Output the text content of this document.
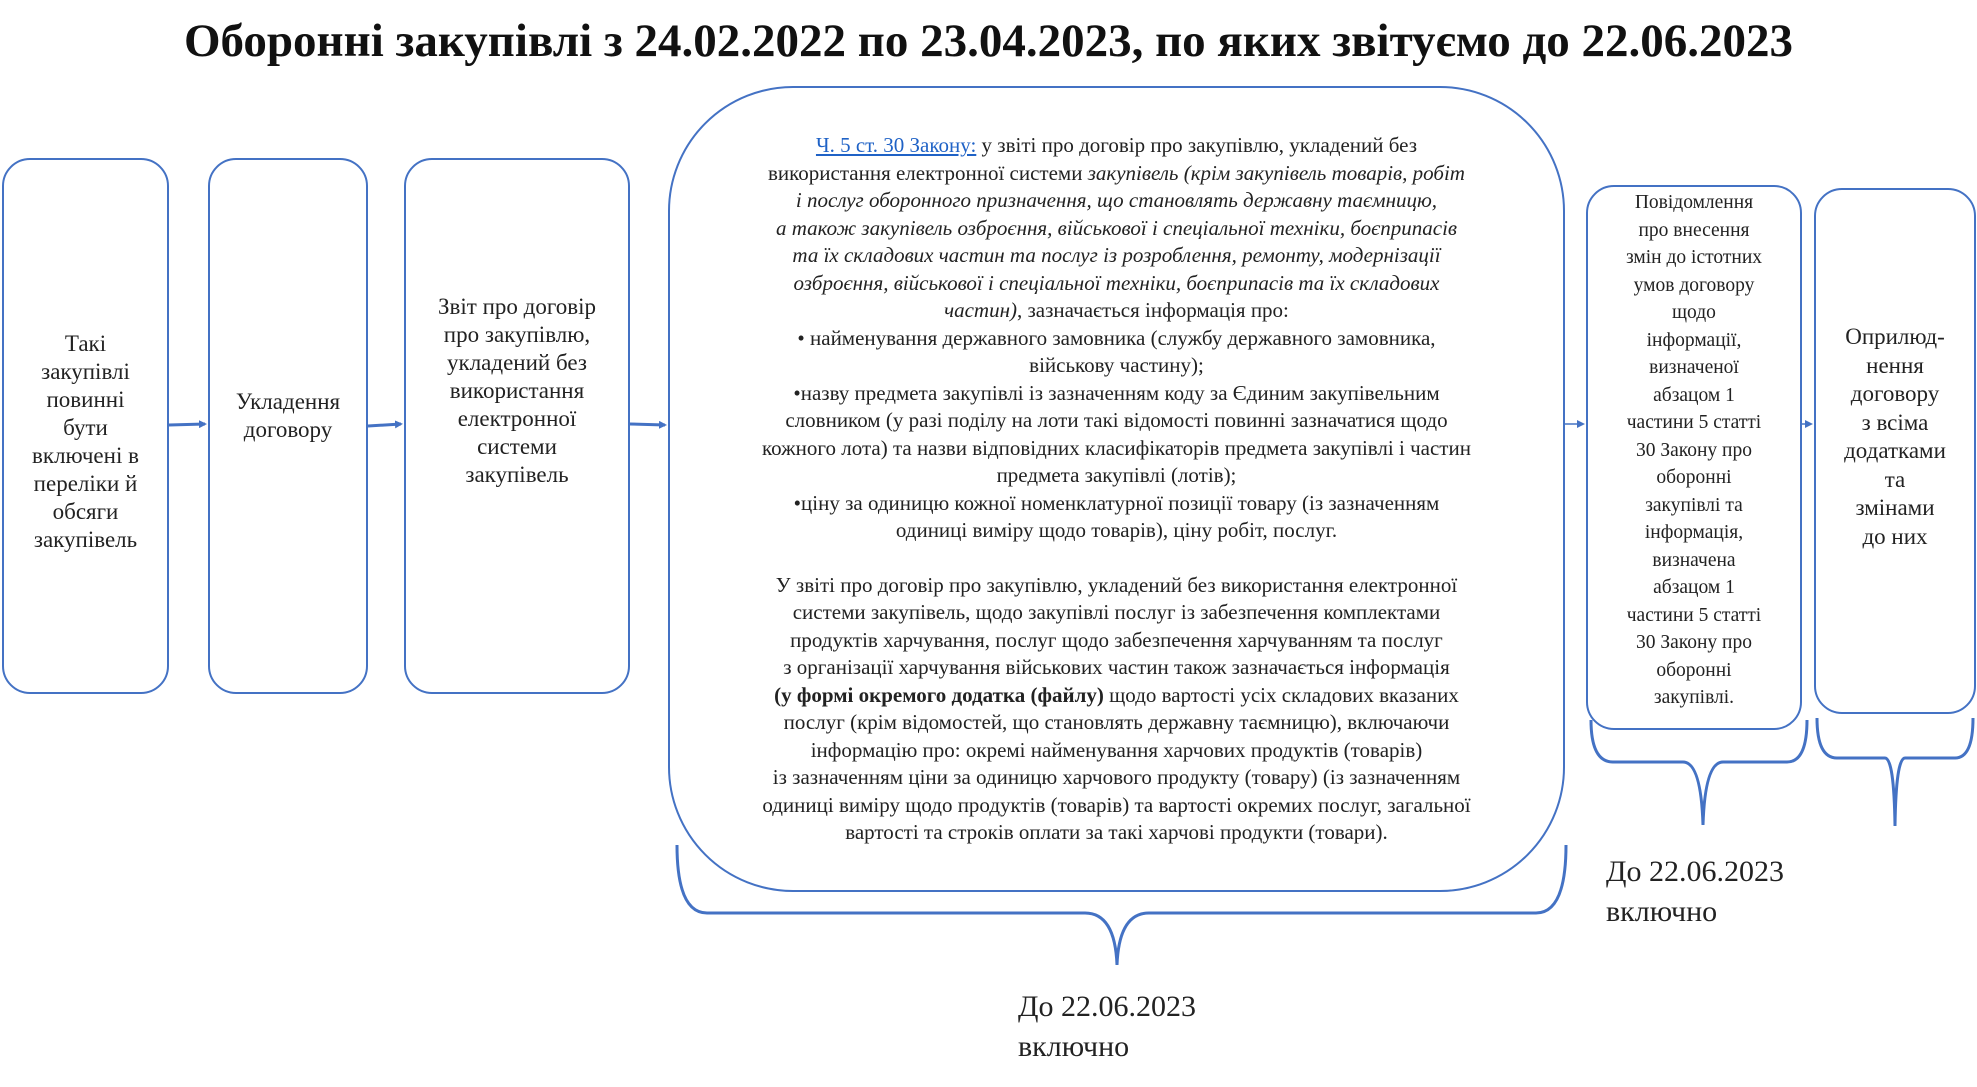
Оборонні закупівлі з 24.02.2022 по 23.04.2023, по яких звітуємо до 22.06.2023
Такі
закупівлі
повинні
бути
включені в
переліки й
обсяги
закупівель
Укладення
договору
Звіт про договір
про закупівлю,
укладений без
використання
електронної
системи
закупівель
Ч. 5 ст. 30 Закону: у звіті про договір про закупівлю, укладений без
використання електронної системи закупівель (крім закупівель товарів, робіт
і послуг оборонного призначення, що становлять державну таємницю,
а також закупівель озброєння, військової і спеціальної техніки, боєприпасів
та їх складових частин та послуг із розроблення, ремонту, модернізації
озброєння, військової і спеціальної техніки, боєприпасів та їх складових
частин), зазначається інформація про:
• найменування державного замовника (службу державного замовника,
військову частину);
•назву предмета закупівлі із зазначенням коду за Єдиним закупівельним
словником (у разі поділу на лоти такі відомості повинні зазначатися щодо
кожного лота) та назви відповідних класифікаторів предмета закупівлі і частин
предмета закупівлі (лотів);
•ціну за одиницю кожної номенклатурної позиції товару (із зазначенням
одиниці виміру щодо товарів), ціну робіт, послуг.
У звіті про договір про закупівлю, укладений без використання електронної
системи закупівель, щодо закупівлі послуг із забезпечення комплектами
продуктів харчування, послуг щодо забезпечення харчуванням та послуг
з організації харчування військових частин також зазначається інформація
(у формі окремого додатка (файлу) щодо вартості усіх складових вказаних
послуг (крім відомостей, що становлять державну таємницю), включаючи
інформацію про: окремі найменування харчових продуктів (товарів)
із зазначенням ціни за одиницю харчового продукту (товару) (із зазначенням
одиниці виміру щодо продуктів (товарів) та вартості окремих послуг, загальної
вартості та строків оплати за такі харчові продукти (товари).
Повідомлення
про внесення
змін до істотних
умов договору
щодо
інформації,
визначеної
абзацом 1
частини 5 статті
30 Закону про
оборонні
закупівлі та
інформація,
визначена
абзацом 1
частини 5 статті
30 Закону про
оборонні
закупівлі.
Оприлюд-
нення
договору
з всіма
додатками
та
змінами
до них
До 22.06.2023
включно
До 22.06.2023
включно
